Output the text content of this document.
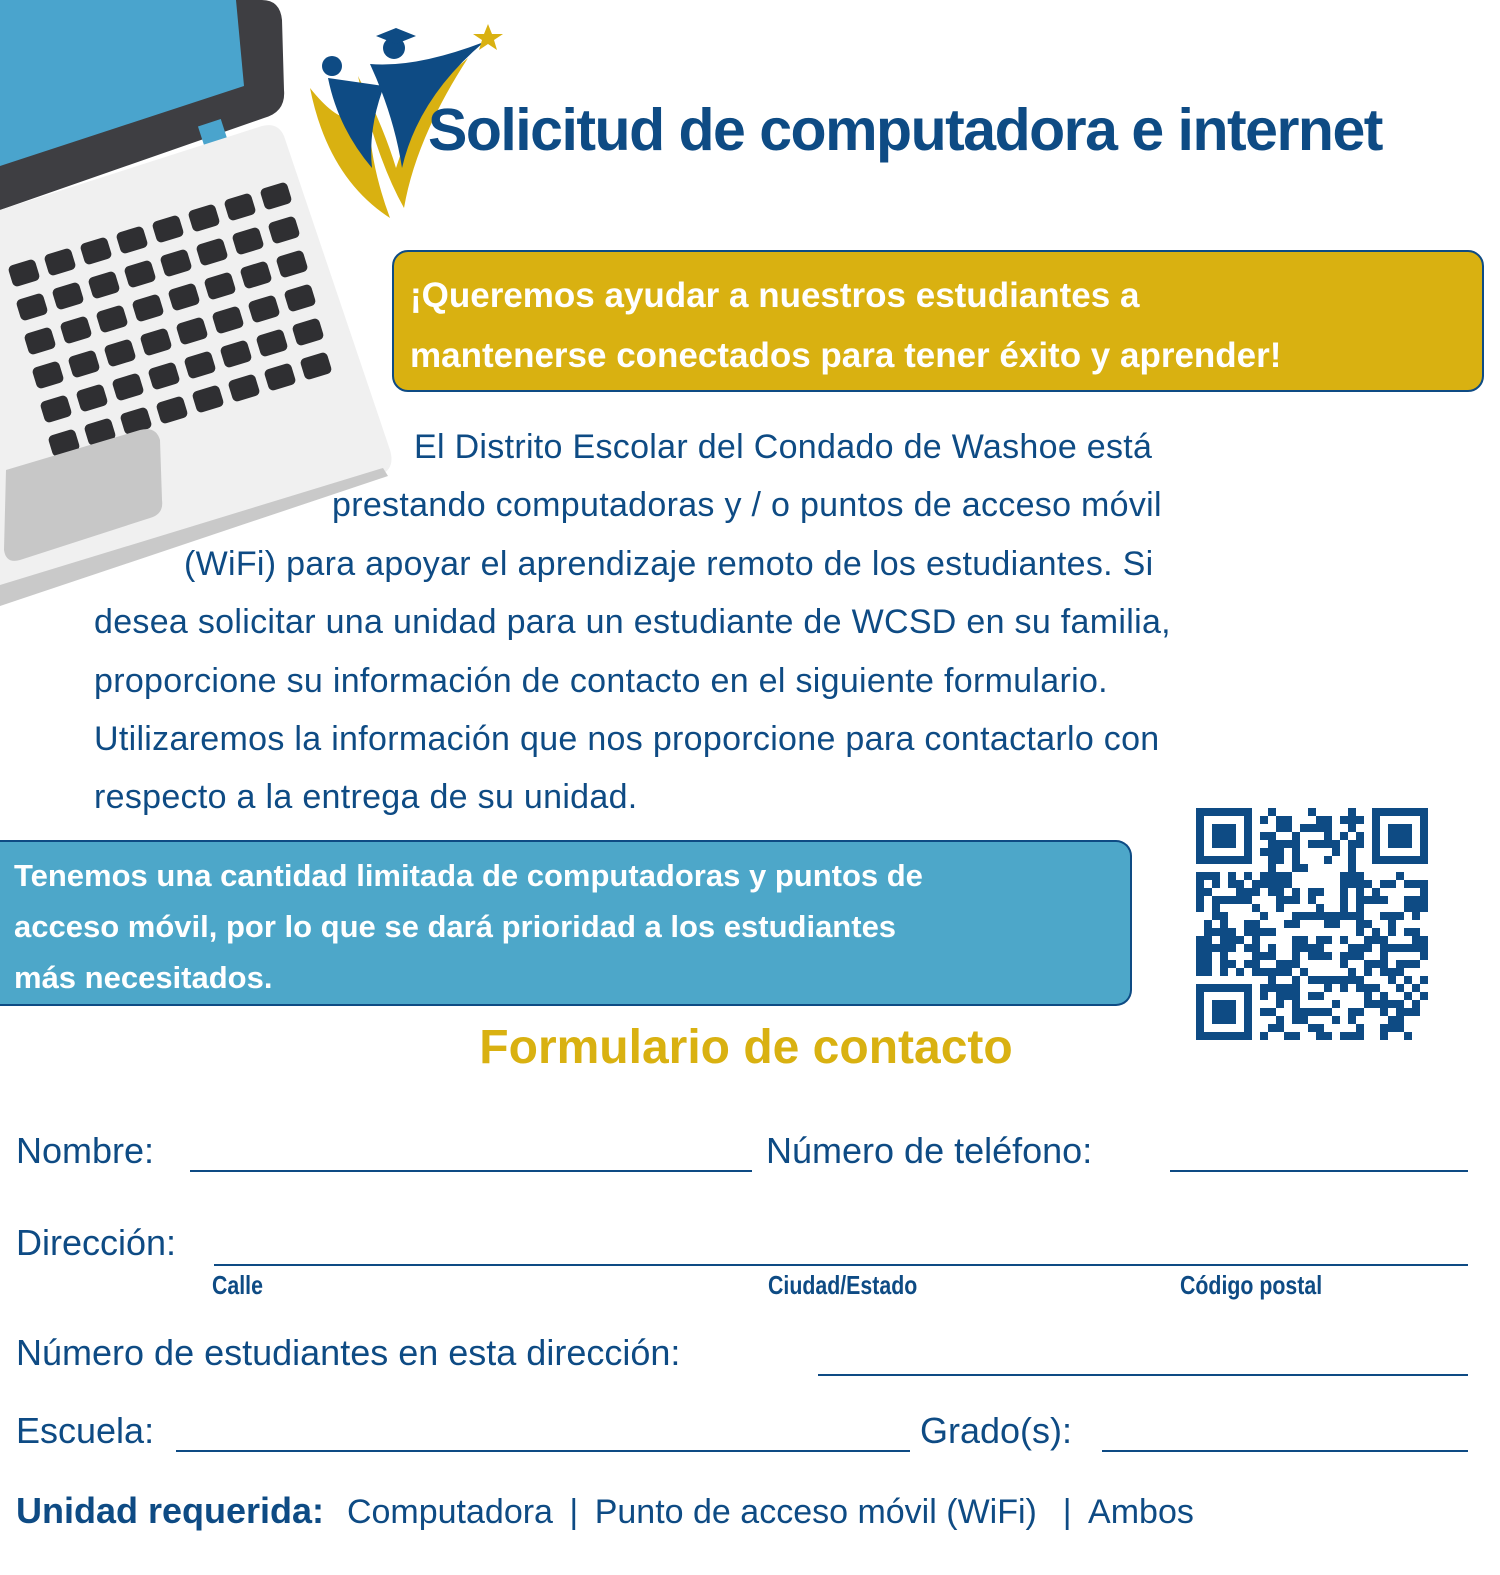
Solicitud de computadora e internet

¡Queremos ayudar a nuestros estudiantes a
mantenerse conectados para tener éxito y aprender!

El Distrito Escolar del Condado de Washoe está

prestando computadoras y / o puntos de acceso móvil

(WiFi) para apoyar el aprendizaje remoto de los estudiantes. Si

desea solicitar una unidad para un estudiante de WCSD en su familia,

proporcione su información de contacto en el siguiente formulario.

Utilizaremos la información que nos proporcione para contactarlo con

respecto a la entrega de su unidad.

Tenemos una cantidad limitada de computadoras y puntos de
acceso móvil, por lo que se dará prioridad a los estudiantes
más necesitados.

Formulario de contacto

Nombre:	Número de teléfono:

Dirección:

Calle	Ciudad/Estado	Código postal

Número de estudiantes en esta dirección:

Escuela:	Grado(s):

Unidad requerida: Computadora | Punto de acceso móvil (WiFi)  | Ambos
